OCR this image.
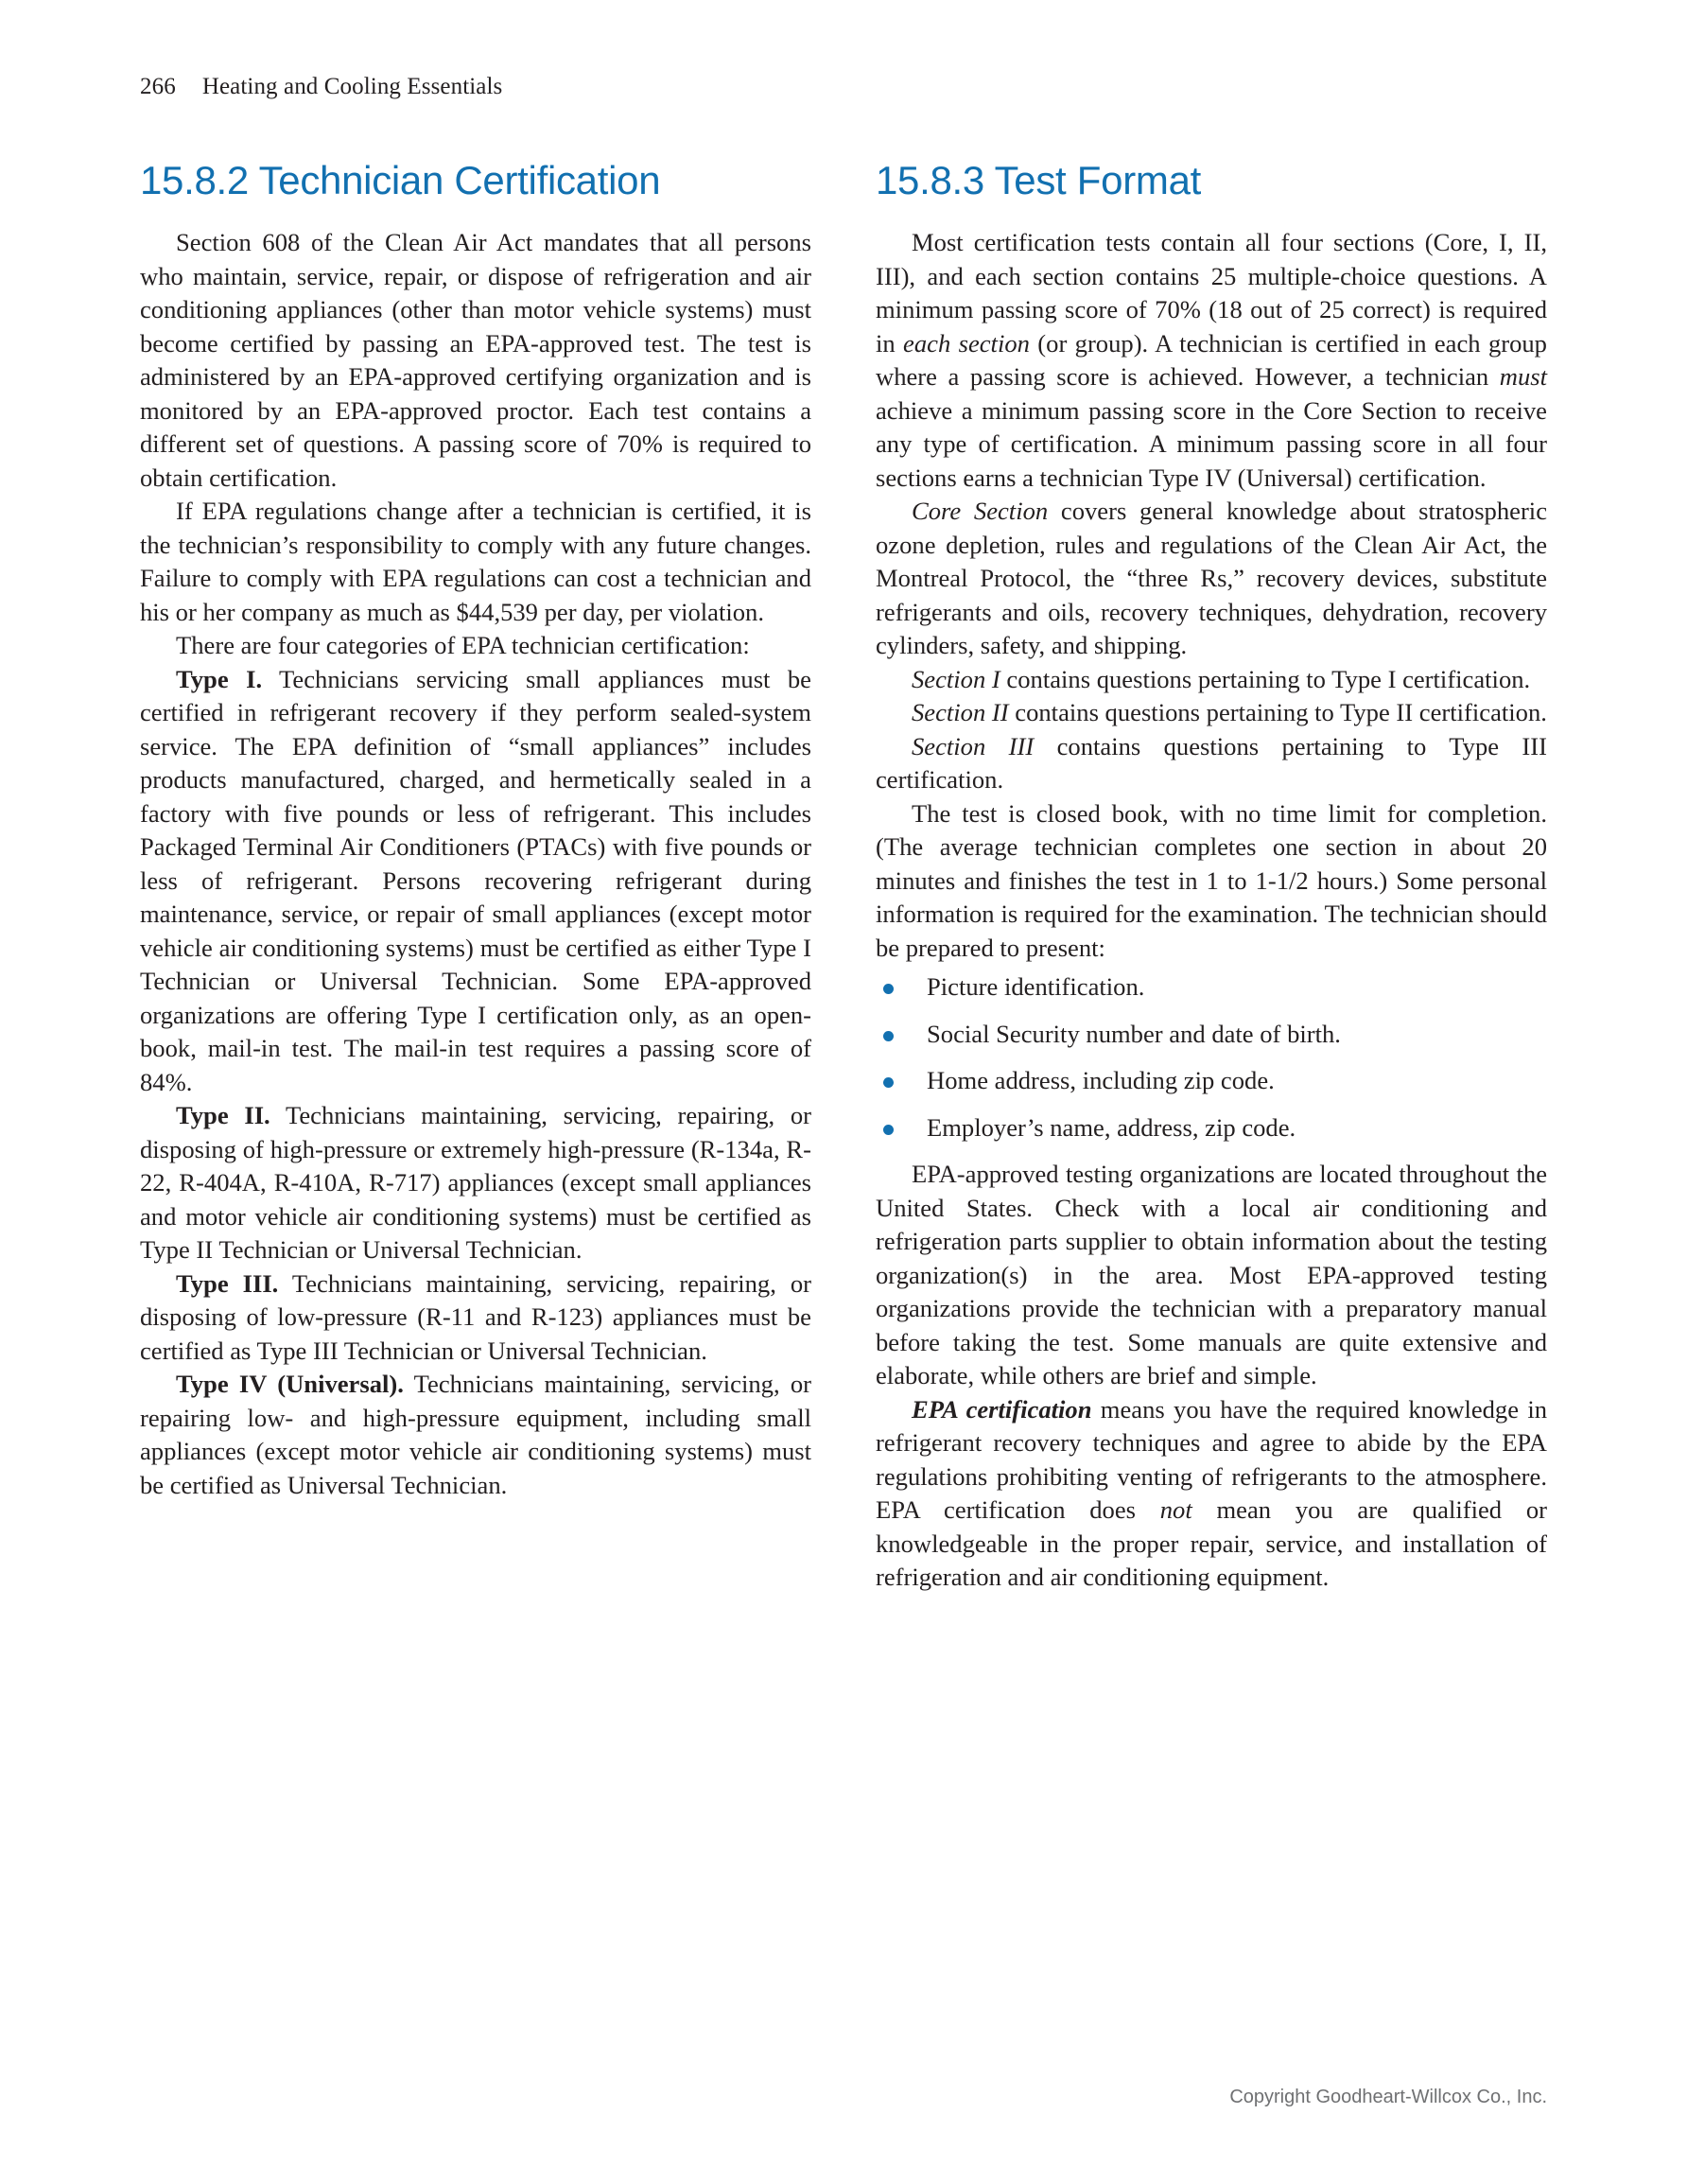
266 Heating and Cooling Essentials
15.8.2 Technician Certification

Section 608 of the Clean Air Act mandates that all persons who maintain, service, repair, or dispose of refrigeration and air conditioning appliances (other than motor vehicle systems) must become certified by passing an EPA-approved test. The test is administered by an EPA-approved certifying organization and is monitored by an EPA-approved proctor. Each test contains a different set of questions. A passing score of 70% is required to obtain certification.

If EPA regulations change after a technician is certified, it is the technician’s responsibility to comply with any future changes. Failure to comply with EPA regulations can cost a technician and his or her company as much as $44,539 per day, per violation.

There are four categories of EPA technician certification:

Type I. Technicians servicing small appliances must be certified in refrigerant recovery if they perform sealed-system service. The EPA definition of “small appliances” includes products manufactured, charged, and hermetically sealed in a factory with five pounds or less of refrigerant. This includes Packaged Terminal Air Conditioners (PTACs) with five pounds or less of refrigerant. Persons recovering refrigerant during maintenance, service, or repair of small appliances (except motor vehicle air conditioning systems) must be certified as either Type I Technician or Universal Technician. Some EPA-approved organizations are offering Type I certification only, as an open-book, mail-in test. The mail-in test requires a passing score of 84%.

Type II. Technicians maintaining, servicing, repairing, or disposing of high-pressure or extremely high-pressure (R-134a, R-22, R-404A, R-410A, R-717) appliances (except small appliances and motor vehicle air conditioning systems) must be certified as Type II Technician or Universal Technician.

Type III. Technicians maintaining, servicing, repairing, or disposing of low-pressure (R-11 and R-123) appliances must be certified as Type III Technician or Universal Technician.

Type IV (Universal). Technicians maintaining, servicing, or repairing low- and high-pressure equipment, including small appliances (except motor vehicle air conditioning systems) must be certified as Universal Technician.

15.8.3 Test Format

Most certification tests contain all four sections (Core, I, II, III), and each section contains 25 multiple-choice questions. A minimum passing score of 70% (18 out of 25 correct) is required in each section (or group). A technician is certified in each group where a passing score is achieved. However, a technician must achieve a minimum passing score in the Core Section to receive any type of certification. A minimum passing score in all four sections earns a technician Type IV (Universal) certification.

Core Section covers general knowledge about stratospheric ozone depletion, rules and regulations of the Clean Air Act, the Montreal Protocol, the “three Rs,” recovery devices, substitute refrigerants and oils, recovery techniques, dehydration, recovery cylinders, safety, and shipping.

Section I contains questions pertaining to Type I certification.

Section II contains questions pertaining to Type II certification.

Section III contains questions pertaining to Type III certification.

The test is closed book, with no time limit for completion. (The average technician completes one section in about 20 minutes and finishes the test in 1 to 1-1/2 hours.) Some personal information is required for the examination. The technician should be prepared to present:

Picture identification.
Social Security number and date of birth.
Home address, including zip code.
Employer’s name, address, zip code.

EPA-approved testing organizations are located throughout the United States. Check with a local air conditioning and refrigeration parts supplier to obtain information about the testing organization(s) in the area. Most EPA-approved testing organizations provide the technician with a preparatory manual before taking the test. Some manuals are quite extensive and elaborate, while others are brief and simple.

EPA certification means you have the required knowledge in refrigerant recovery techniques and agree to abide by the EPA regulations prohibiting venting of refrigerants to the atmosphere. EPA certification does not mean you are qualified or knowledgeable in the proper repair, service, and installation of refrigeration and air conditioning equipment.

Copyright Goodheart-Willcox Co., Inc.
